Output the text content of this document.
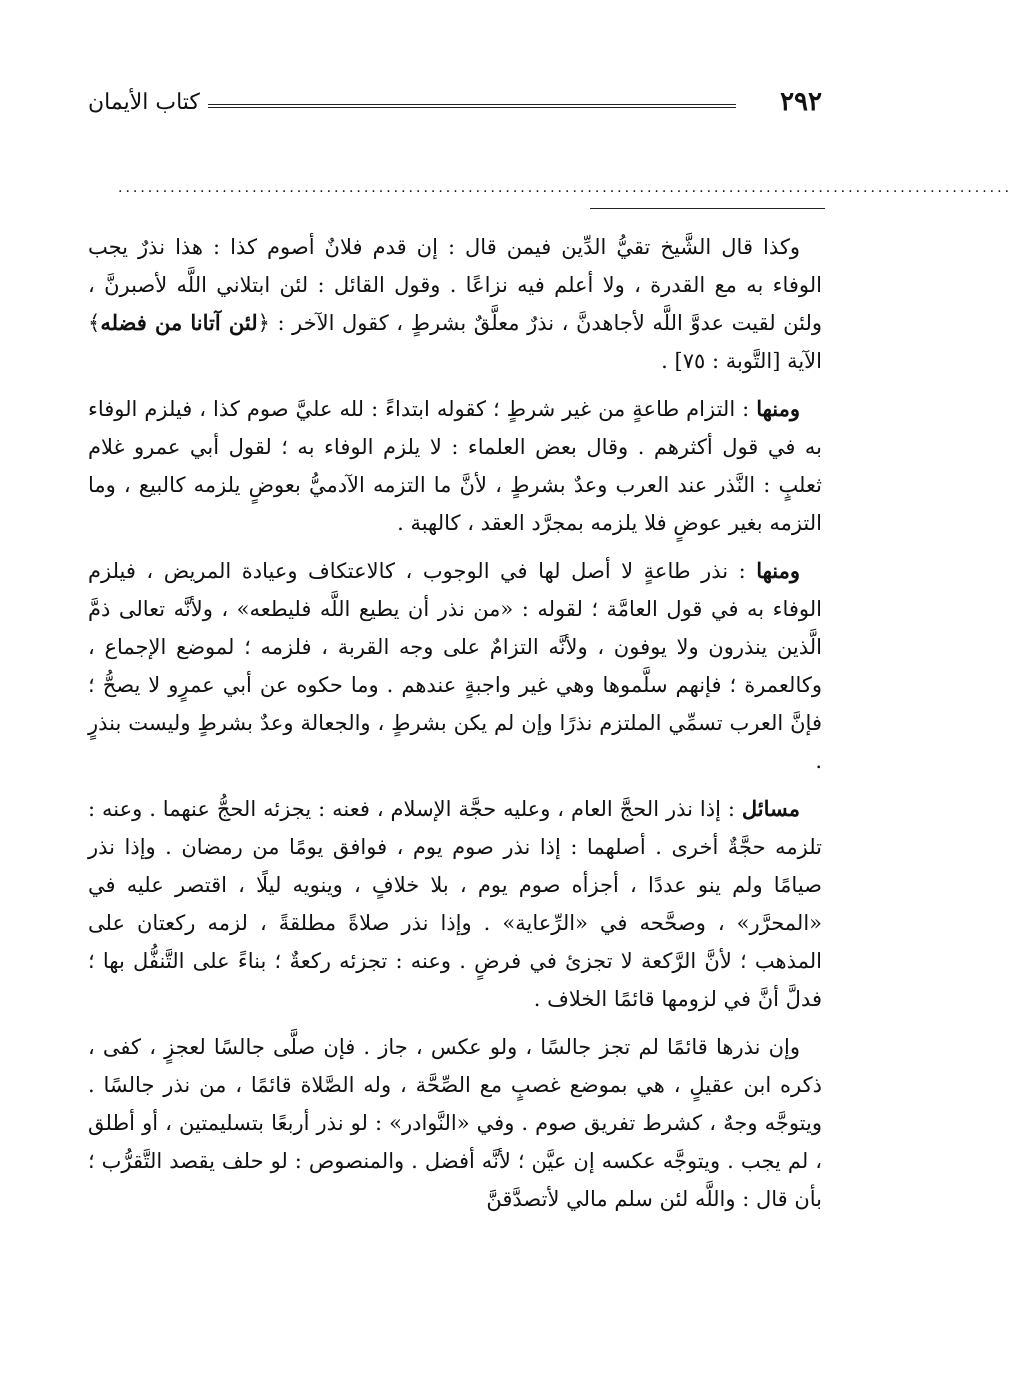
٢٩٢
كتاب الأيمان
........................................................................................................................

وكذا قال الشَّيخ تقيُّ الدِّين فيمن قال : إن قدم فلانٌ أصوم كذا : هذا نذرٌ يجب الوفاء به مع القدرة ، ولا أعلم فيه نزاعًا . وقول القائل : لئن ابتلاني اللَّه لأصبرنَّ ، ولئن لقيت عدوَّ اللَّه لأجاهدنَّ ، نذرٌ معلَّقٌ بشرطٍ ، كقول الآخر : ﴿لئن آتانا من فضله﴾ الآية [التَّوبة : ٧٥] .

ومنها : التزام طاعةٍ من غير شرطٍ ؛ كقوله ابتداءً : لله عليَّ صوم كذا ، فيلزم الوفاء به في قول أكثرهم . وقال بعض العلماء : لا يلزم الوفاء به ؛ لقول أبي عمرو غلام ثعلبٍ : النَّذر عند العرب وعدٌ بشرطٍ ، لأنَّ ما التزمه الآدميُّ بعوضٍ يلزمه كالبيع ، وما التزمه بغير عوضٍ فلا يلزمه بمجرَّد العقد ، كالهبة .

ومنها : نذر طاعةٍ لا أصل لها في الوجوب ، كالاعتكاف وعيادة المريض ، فيلزم الوفاء به في قول العامَّة ؛ لقوله : «من نذر أن يطيع اللَّه فليطعه» ، ولأنَّه تعالى ذمَّ الَّذين ينذرون ولا يوفون ، ولأنَّه التزامٌ على وجه القربة ، فلزمه ؛ لموضع الإجماع ، وكالعمرة ؛ فإنهم سلَّموها وهي غير واجبةٍ عندهم . وما حكوه عن أبي عمرٍو لا يصحُّ ؛ فإنَّ العرب تسمِّي الملتزم نذرًا وإن لم يكن بشرطٍ ، والجعالة وعدٌ بشرطٍ وليست بنذرٍ .

مسائل : إذا نذر الحجَّ العام ، وعليه حجَّة الإسلام ، فعنه : يجزئه الحجُّ عنهما . وعنه : تلزمه حجَّةٌ أخرى . أصلهما : إذا نذر صوم يوم ، فوافق يومًا من رمضان . وإذا نذر صيامًا ولم ينو عددًا ، أجزأه صوم يوم ، بلا خلافٍ ، وينويه ليلًا ، اقتصر عليه في «المحرَّر» ، وصحَّحه في «الرِّعاية» . وإذا نذر صلاةً مطلقةً ، لزمه ركعتان على المذهب ؛ لأنَّ الرَّكعة لا تجزئ في فرضٍ . وعنه : تجزئه ركعةٌ ؛ بناءً على التَّنفُّل بها ؛ فدلَّ أنَّ في لزومها قائمًا الخلاف .

وإن نذرها قائمًا لم تجز جالسًا ، ولو عكس ، جاز . فإن صلَّى جالسًا لعجزٍ ، كفى ، ذكره ابن عقيلٍ ، هي بموضع غصبٍ مع الصِّحَّة ، وله الصَّلاة قائمًا ، من نذر جالسًا . ويتوجَّه وجهٌ ، كشرط تفريق صوم . وفي «النَّوادر» : لو نذر أربعًا بتسليمتين ، أو أطلق ، لم يجب . ويتوجَّه عكسه إن عيَّن ؛ لأنَّه أفضل . والمنصوص : لو حلف يقصد التَّقرُّب ؛ بأن قال : واللَّه لئن سلم مالي لأتصدَّقنَّ
